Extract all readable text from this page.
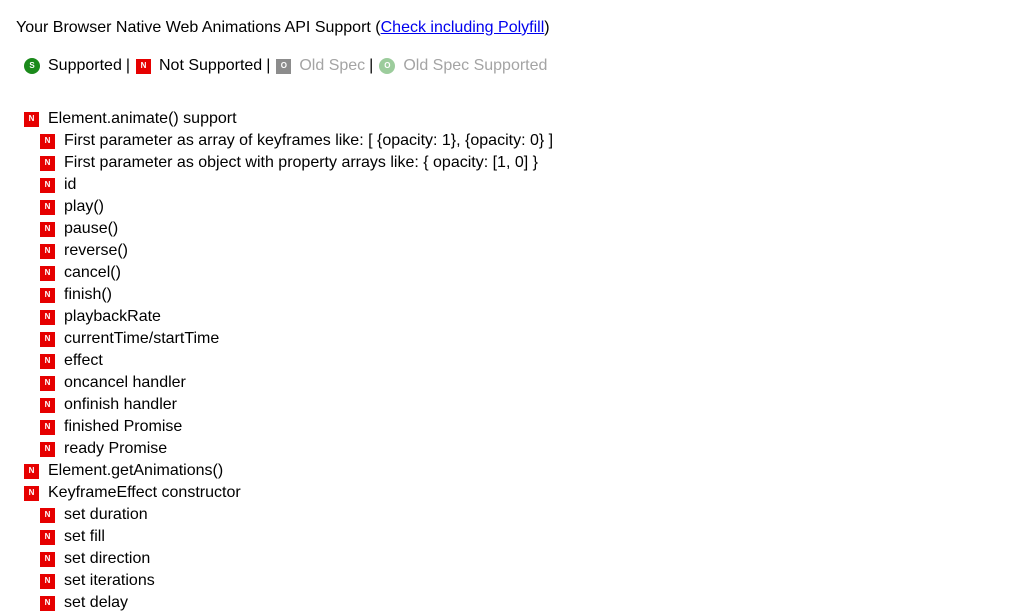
Your Browser Native Web Animations API Support (Check including Polyfill)
S Supported |	N Not Supported |	O Old Spec |	O Old Spec Supported
N Element.animate() support
N First parameter as array of keyframes like: [ {opacity: 1}, {opacity: 0} ]
N First parameter as object with property arrays like: { opacity: [1, 0] }
N id
N play()
N pause()
N reverse()
N cancel()
N finish()
N playbackRate
N currentTime/startTime
N effect
N oncancel handler
N onfinish handler
N finished Promise
N ready Promise
N Element.getAnimations()
N KeyframeEffect constructor
N set duration
N set fill
N set direction
N set iterations
N set delay
